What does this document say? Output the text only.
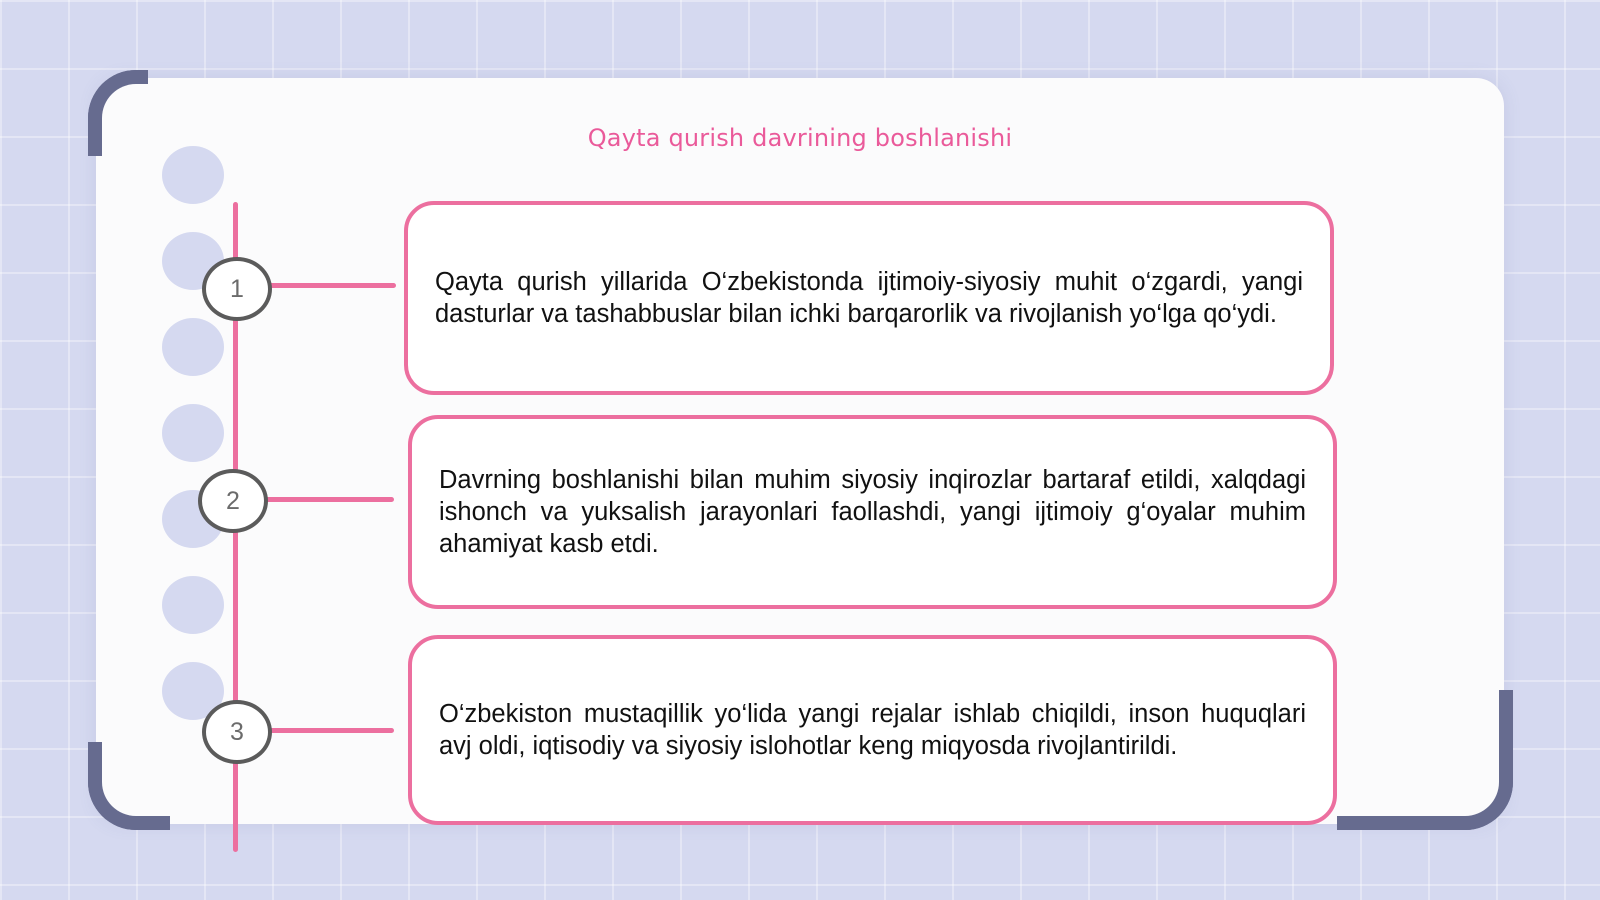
Qayta qurish davrining boshlanishi
1
2
3
Qayta qurish yillarida O‘zbekistonda ijtimoiy-siyosiy muhit o‘zgardi, yangi dasturlar va tashabbuslar bilan ichki barqarorlik va rivojlanish yo‘lga qo‘ydi.
Davrning boshlanishi bilan muhim siyosiy inqirozlar bartaraf etildi, xalqdagi ishonch va yuksalish jarayonlari faollashdi, yangi ijtimoiy g‘oyalar muhim ahamiyat kasb etdi.
O‘zbekiston mustaqillik yo‘lida yangi rejalar ishlab chiqildi, inson huquqlari avj oldi, iqtisodiy va siyosiy islohotlar keng miqyosda rivojlantirildi.
